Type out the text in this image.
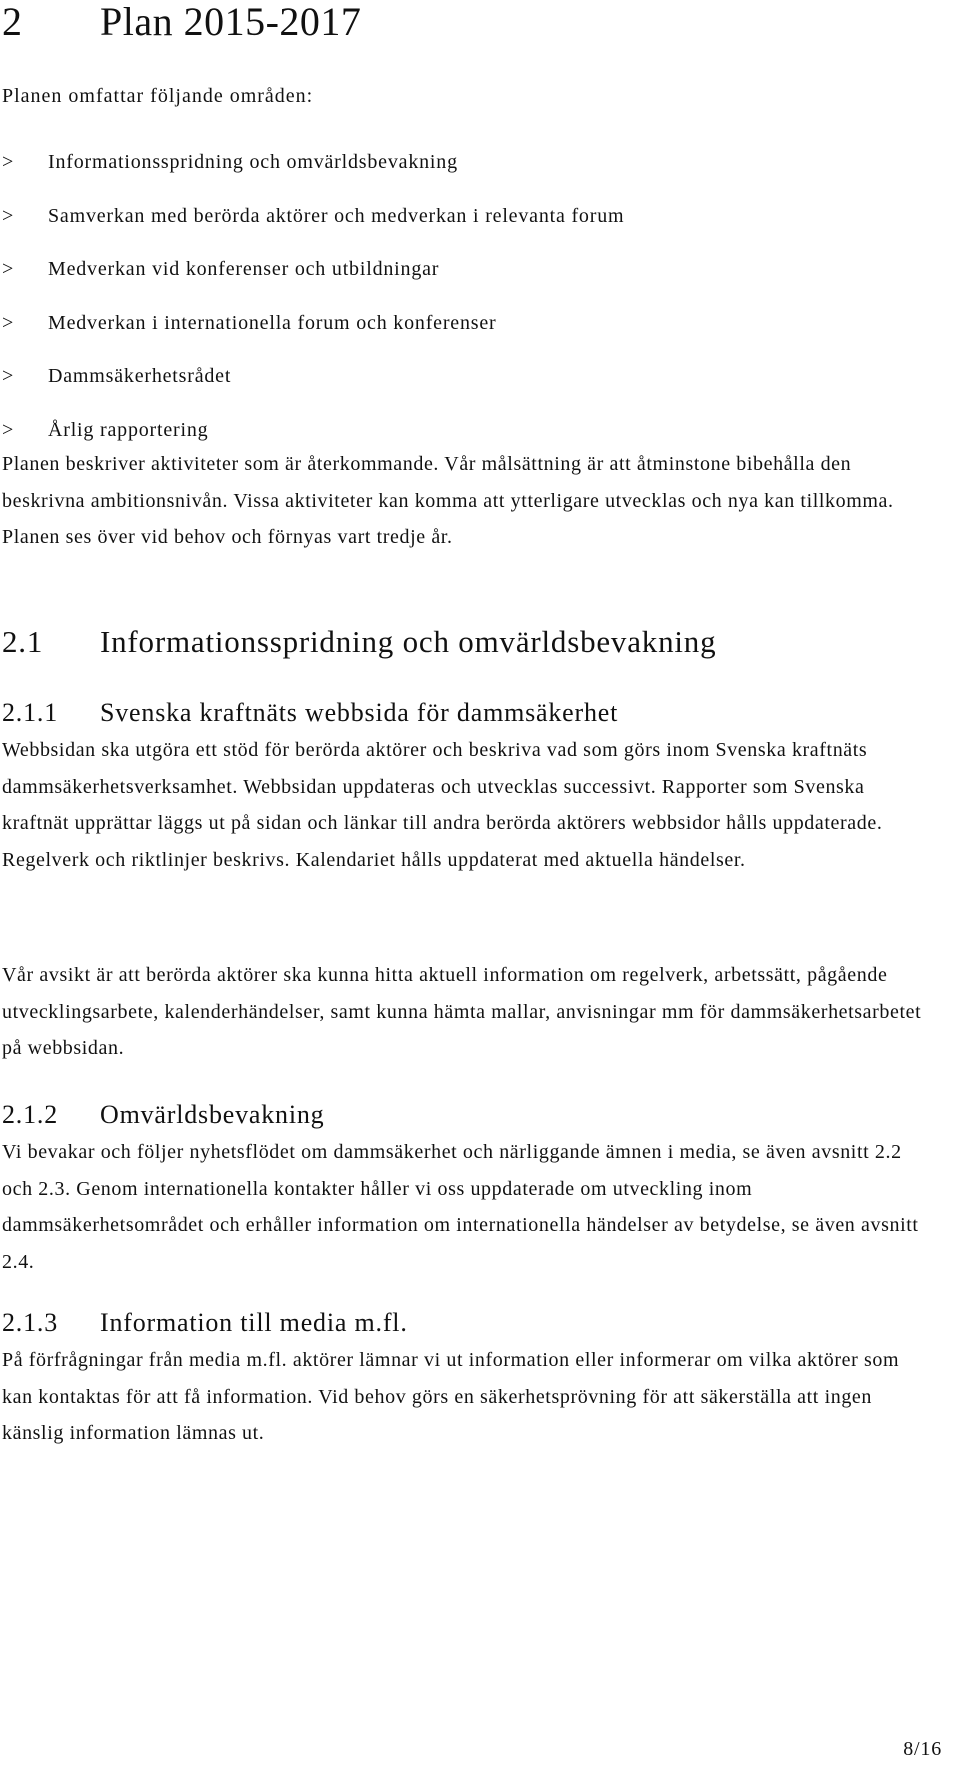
2 Plan 2015-2017

Planen omfattar följande områden:

>	Informationsspridning och omvärldsbevakning
>	Samverkan med berörda aktörer och medverkan i relevanta forum
>	Medverkan vid konferenser och utbildningar
>	Medverkan i internationella forum och konferenser
>	Dammsäkerhetsrådet
>	Årlig rapportering

Planen beskriver aktiviteter som är återkommande. Vår målsättning är att åtminstone bibehålla den beskrivna ambitionsnivån. Vissa aktiviteter kan komma att ytterligare utvecklas och nya kan tillkomma. Planen ses över vid behov och förnyas vart tredje år.

2.1 Informationsspridning och omvärldsbevakning
2.1.1 Svenska kraftnäts webbsida för dammsäkerhet

Webbsidan ska utgöra ett stöd för berörda aktörer och beskriva vad som görs inom Svenska kraftnäts dammsäkerhetsverksamhet. Webbsidan uppdateras och utvecklas successivt. Rapporter som Svenska kraftnät upprättar läggs ut på sidan och länkar till andra berörda aktörers webbsidor hålls uppdaterade. Regelverk och riktlinjer beskrivs. Kalendariet hålls uppdaterat med aktuella händelser.

Vår avsikt är att berörda aktörer ska kunna hitta aktuell information om regelverk, arbetssätt, pågående utvecklingsarbete, kalenderhändelser, samt kunna hämta mallar, anvisningar mm för dammsäkerhetsarbetet på webbsidan.

2.1.2 Omvärldsbevakning

Vi bevakar och följer nyhetsflödet om dammsäkerhet och närliggande ämnen i media, se även avsnitt 2.2 och 2.3. Genom internationella kontakter håller vi oss uppdaterade om utveckling inom dammsäkerhetsområdet och erhåller information om internationella händelser av betydelse, se även avsnitt 2.4.

2.1.3 Information till media m.fl.

På förfrågningar från media m.fl. aktörer lämnar vi ut information eller informerar om vilka aktörer som kan kontaktas för att få information. Vid behov görs en säkerhetsprövning för att säkerställa att ingen känslig information lämnas ut.

8/16
